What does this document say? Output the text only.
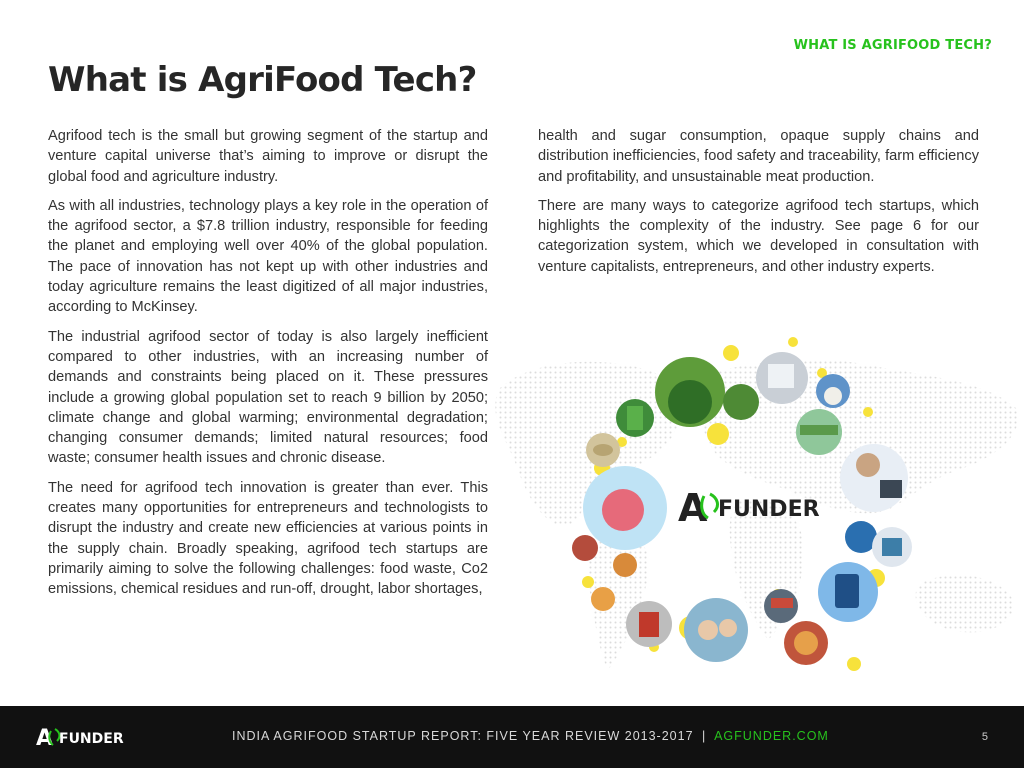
WHAT IS AGRIFOOD TECH?
What is AgriFood Tech?

Agrifood tech is the small but growing segment of the startup and venture capital universe that’s aiming to improve or disrupt the global food and agriculture industry.

As with all industries, technology plays a key role in the operation of the agrifood sector, a $7.8 trillion industry, responsible for feeding the planet and employing well over 40% of the global population. The pace of innovation has not kept up with other industries and today agriculture remains the least digitized of all major industries, according to McKinsey.

The industrial agrifood sector of today is also largely inefficient compared to other industries, with an increasing number of demands and constraints being placed on it. These pressures include a growing global population set to reach 9 billion by 2050; climate change and global warming; environmental degradation; changing consumer demands; limited natural resources; food waste; consumer health issues and chronic disease.

The need for agrifood tech innovation is greater than ever. This creates many opportunities for entrepreneurs and technologists to disrupt the industry and create new efficiencies at various points in the supply chain. Broadly speaking, agrifood tech startups are primarily aiming to solve the following challenges: food waste, Co2 emissions, chemical residues and run-off, drought, labor shortages,

health and sugar consumption, opaque supply chains and distribution inefficiencies, food safety and traceability, farm efficiency and profitability, and unsustainable meat production.

There are many ways to categorize agrifood tech startups, which highlights the complexity of the industry. See page 6 for our categorization system, which we developed in consultation with venture capitalists, entrepreneurs, and other industry experts.

A FUNDER
A FUNDER	INDIA AGRIFOOD STARTUP REPORT: FIVE YEAR REVIEW 2013-2017 | AGFUNDER.COM	5
